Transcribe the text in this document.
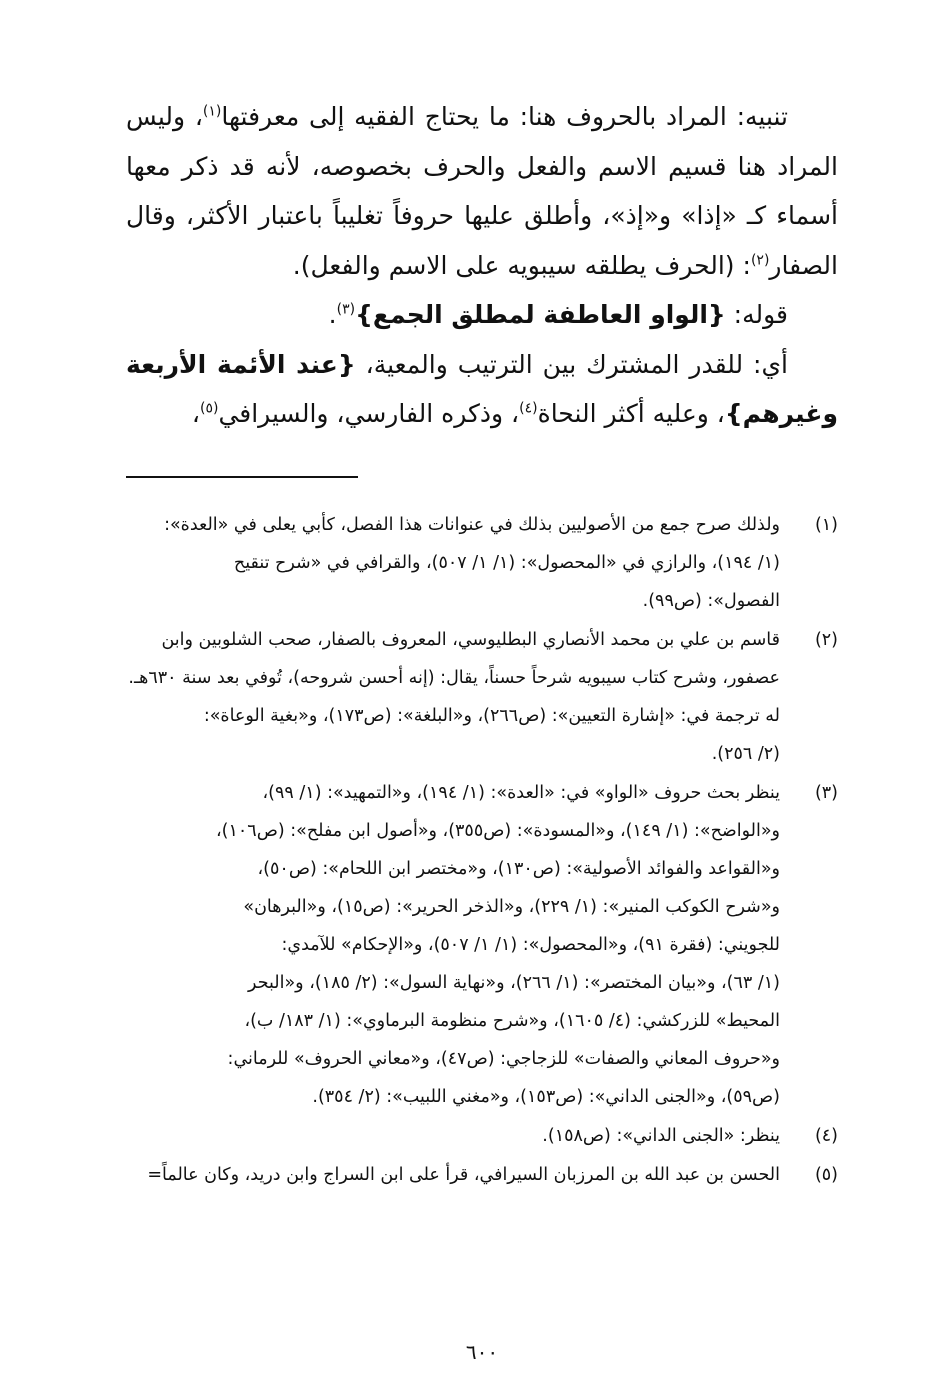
تنبيه: المراد بالحروف هنا: ما يحتاج الفقيه إلى معرفتها$^{(١)}$، وليس المراد هنا قسيم الاسم والفعل والحرف بخصوصه، لأنه قد ذكر معها أسماء كـ «إذا» و«إذ»، وأطلق عليها حروفاً تغليباً باعتبار الأكثر، وقال الصفار$^{(٢)}$: (الحرف يطلقه سيبويه على الاسم والفعل).

قوله: {الواو العاطفة لمطلق الجمع}$^{(٣)}$.

أي: للقدر المشترك بين الترتيب والمعية، {عند الأئمة الأربعة وغيرهم}، وعليه أكثر النحاة$^{(٤)}$، وذكره الفارسي، والسيرافي$^{(٥)}$،

(١)
ولذلك صرح جمع من الأصوليين بذلك في عنوانات هذا الفصل، كأبي يعلى في «العدة»:
(١/ ١٩٤)، والرازي في «المحصول»: (١/ ١/ ٥٠٧)، والقرافي في «شرح تنقيح
الفصول»: (ص٩٩).
(٢)
قاسم بن علي بن محمد الأنصاري البطليوسي، المعروف بالصفار، صحب الشلوبين وابن
عصفور، وشرح كتاب سيبويه شرحاً حسناً، يقال: (إنه أحسن شروحه)، تُوفي بعد سنة ٦٣٠هـ.
له ترجمة في: «إشارة التعيين»: (ص٢٦٦)، و«البلغة»: (ص١٧٣)، و«بغية الوعاة»:
(٢/ ٢٥٦).
(٣)
ينظر بحث حروف «الواو» في: «العدة»: (١/ ١٩٤)، و«التمهيد»: (١/ ٩٩)،
و«الواضح»: (١/ ١٤٩)، و«المسودة»: (ص٣٥٥)، و«أصول ابن مفلح»: (ص١٠٦)،
و«القواعد والفوائد الأصولية»: (ص١٣٠)، و«مختصر ابن اللحام»: (ص٥٠)،
و«شرح الكوكب المنير»: (١/ ٢٢٩)، و«الذخر الحرير»: (ص١٥)، و«البرهان»
للجويني: (فقرة ٩١)، و«المحصول»: (١/ ١/ ٥٠٧)، و«الإحكام» للآمدي:
(١/ ٦٣)، و«بيان المختصر»: (١/ ٢٦٦)، و«نهاية السول»: (٢/ ١٨٥)، و«البحر
المحيط» للزركشي: (٤/ ١٦٠٥)، و«شرح منظومة البرماوي»: (١/ ١٨٣/ ب)،
و«حروف المعاني والصفات» للزجاجي: (ص٤٧)، و«معاني الحروف» للرماني:
(ص٥٩)، و«الجنى الداني»: (ص١٥٣)، و«مغني اللبيب»: (٢/ ٣٥٤).
(٤)
ينظر: «الجنى الداني»: (ص١٥٨).
(٥)
الحسن بن عبد الله بن المرزبان السيرافي، قرأ على ابن السراج وابن دريد، وكان عالماً=
٦٠٠
